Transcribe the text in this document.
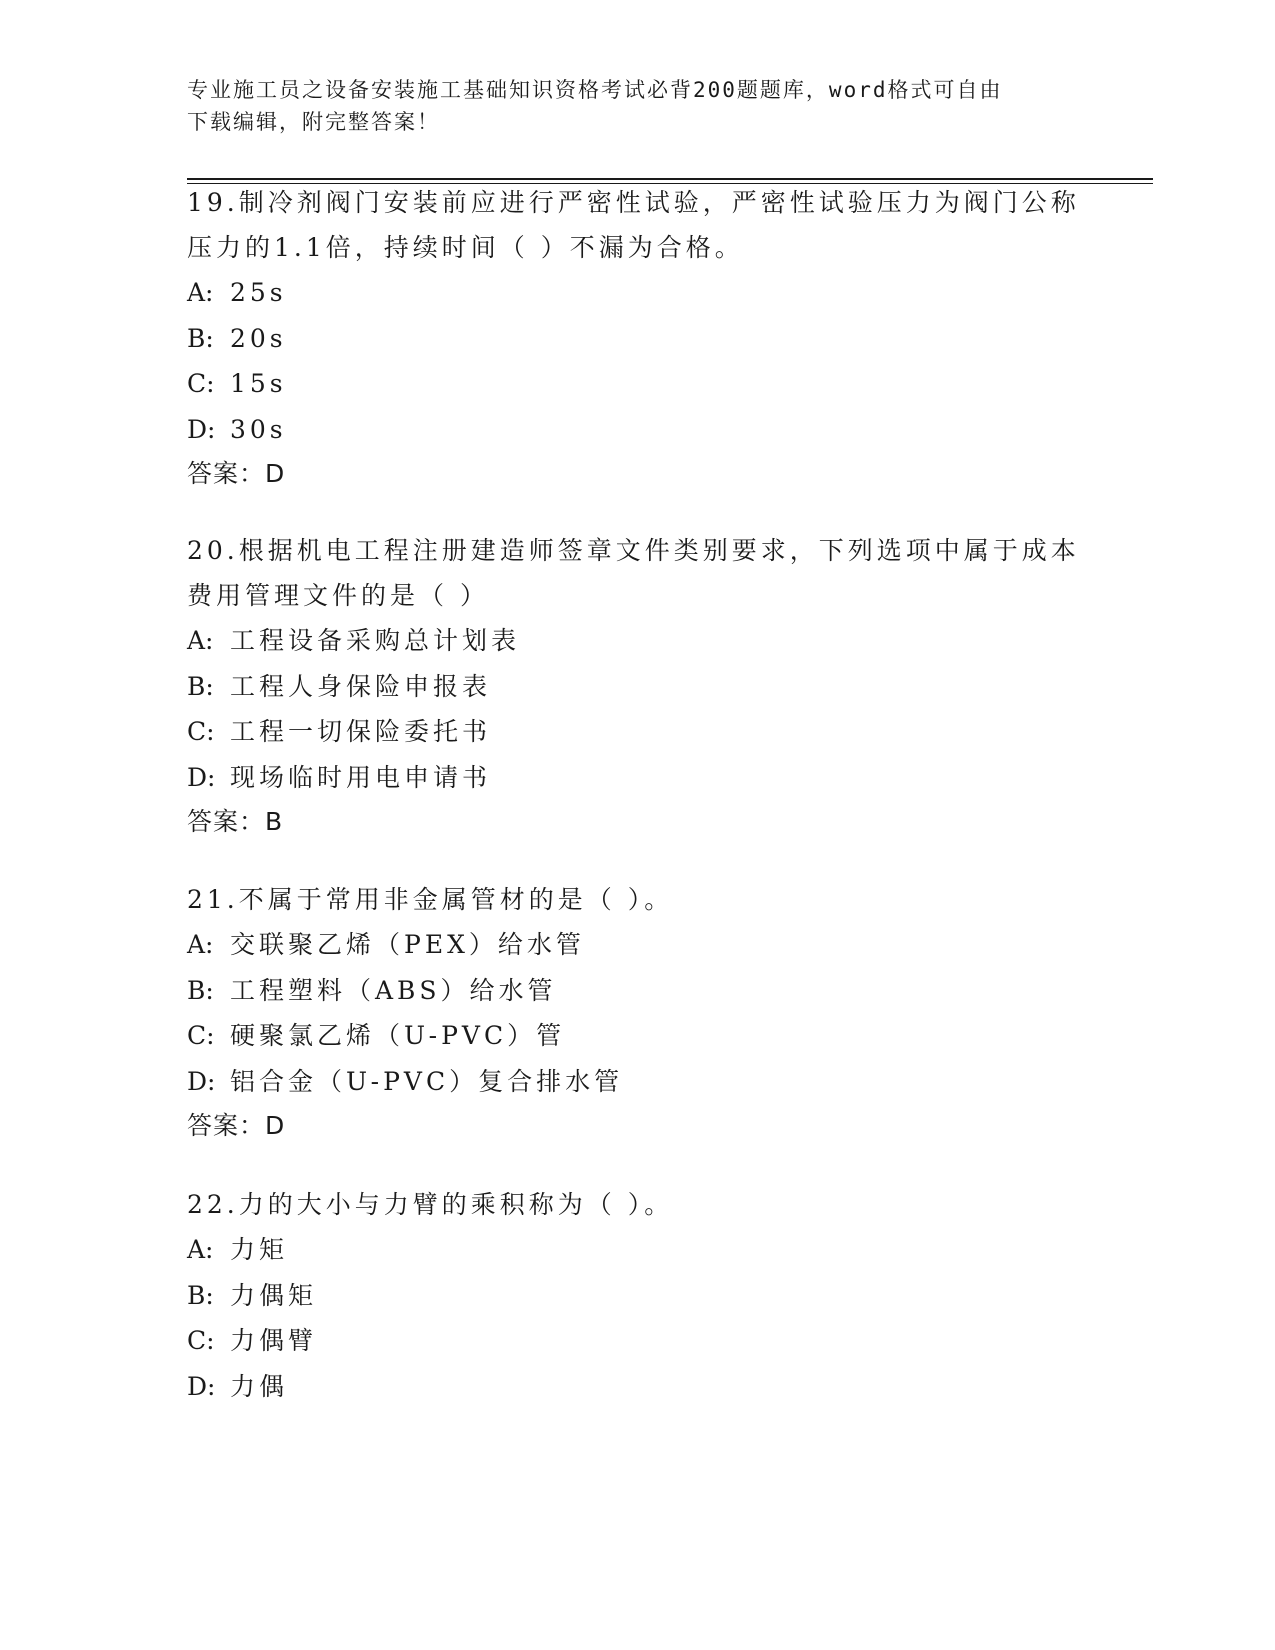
专业施工员之设备安装施工基础知识资格考试必背200题题库，word格式可自由
下载编辑，附完整答案！
19.制冷剂阀门安装前应进行严密性试验，严密性试验压力为阀门公称
压力的1.1倍，持续时间（ ）不漏为合格。
A: 25s
B: 20s
C: 15s
D: 30s
答案：D
20.根据机电工程注册建造师签章文件类别要求，下列选项中属于成本
费用管理文件的是（ ）
A: 工程设备采购总计划表
B: 工程人身保险申报表
C: 工程一切保险委托书
D: 现场临时用电申请书
答案：B
21.不属于常用非金属管材的是（ ）。
A: 交联聚乙烯（PEX）给水管
B: 工程塑料（ABS）给水管
C: 硬聚氯乙烯（U-PVC）管
D: 铝合金（U-PVC）复合排水管
答案：D
22.力的大小与力臂的乘积称为（ ）。
A: 力矩
B: 力偶矩
C: 力偶臂
D: 力偶
